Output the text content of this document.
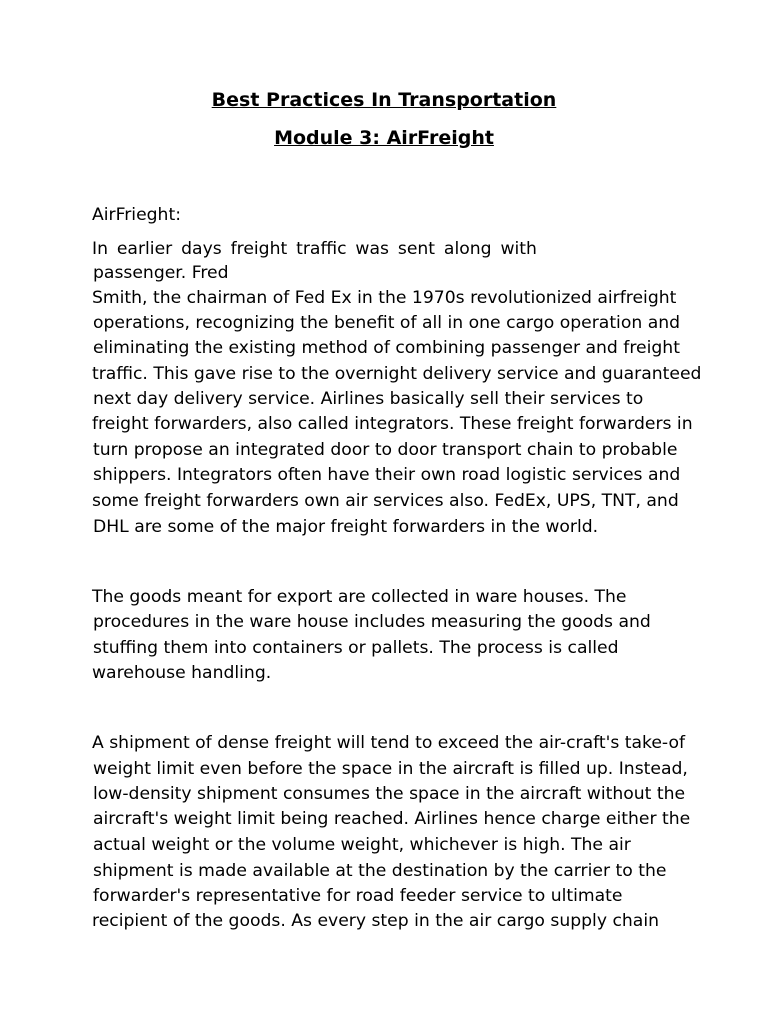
Best Practices In Transportation
Module 3: AirFreight
AirFrieght:
In earlier days freight traffic was sent along with
passenger. Fred
Smith, the chairman of Fed Ex in the 1970s revolutionized airfreight
operations, recognizing the benefit of all in one cargo operation and
eliminating the existing method of combining passenger and freight
traffic. This gave rise to the overnight delivery service and guaranteed
next day delivery service. Airlines basically sell their services to
freight forwarders, also called integrators. These freight forwarders in
turn propose an integrated door to door transport chain to probable
shippers. Integrators often have their own road logistic services and
some freight forwarders own air services also. FedEx, UPS, TNT, and
DHL are some of the major freight forwarders in the world.
The goods meant for export are collected in ware houses. The
procedures in the ware house includes measuring the goods and
stuffing them into containers or pallets. The process is called
warehouse handling.
A shipment of dense freight will tend to exceed the air-craft's take-of
weight limit even before the space in the aircraft is filled up. Instead,
low-density shipment consumes the space in the aircraft without the
aircraft's weight limit being reached. Airlines hence charge either the
actual weight or the volume weight, whichever is high. The air
shipment is made available at the destination by the carrier to the
forwarder's representative for road feeder service to ultimate
recipient of the goods. As every step in the air cargo supply chain
